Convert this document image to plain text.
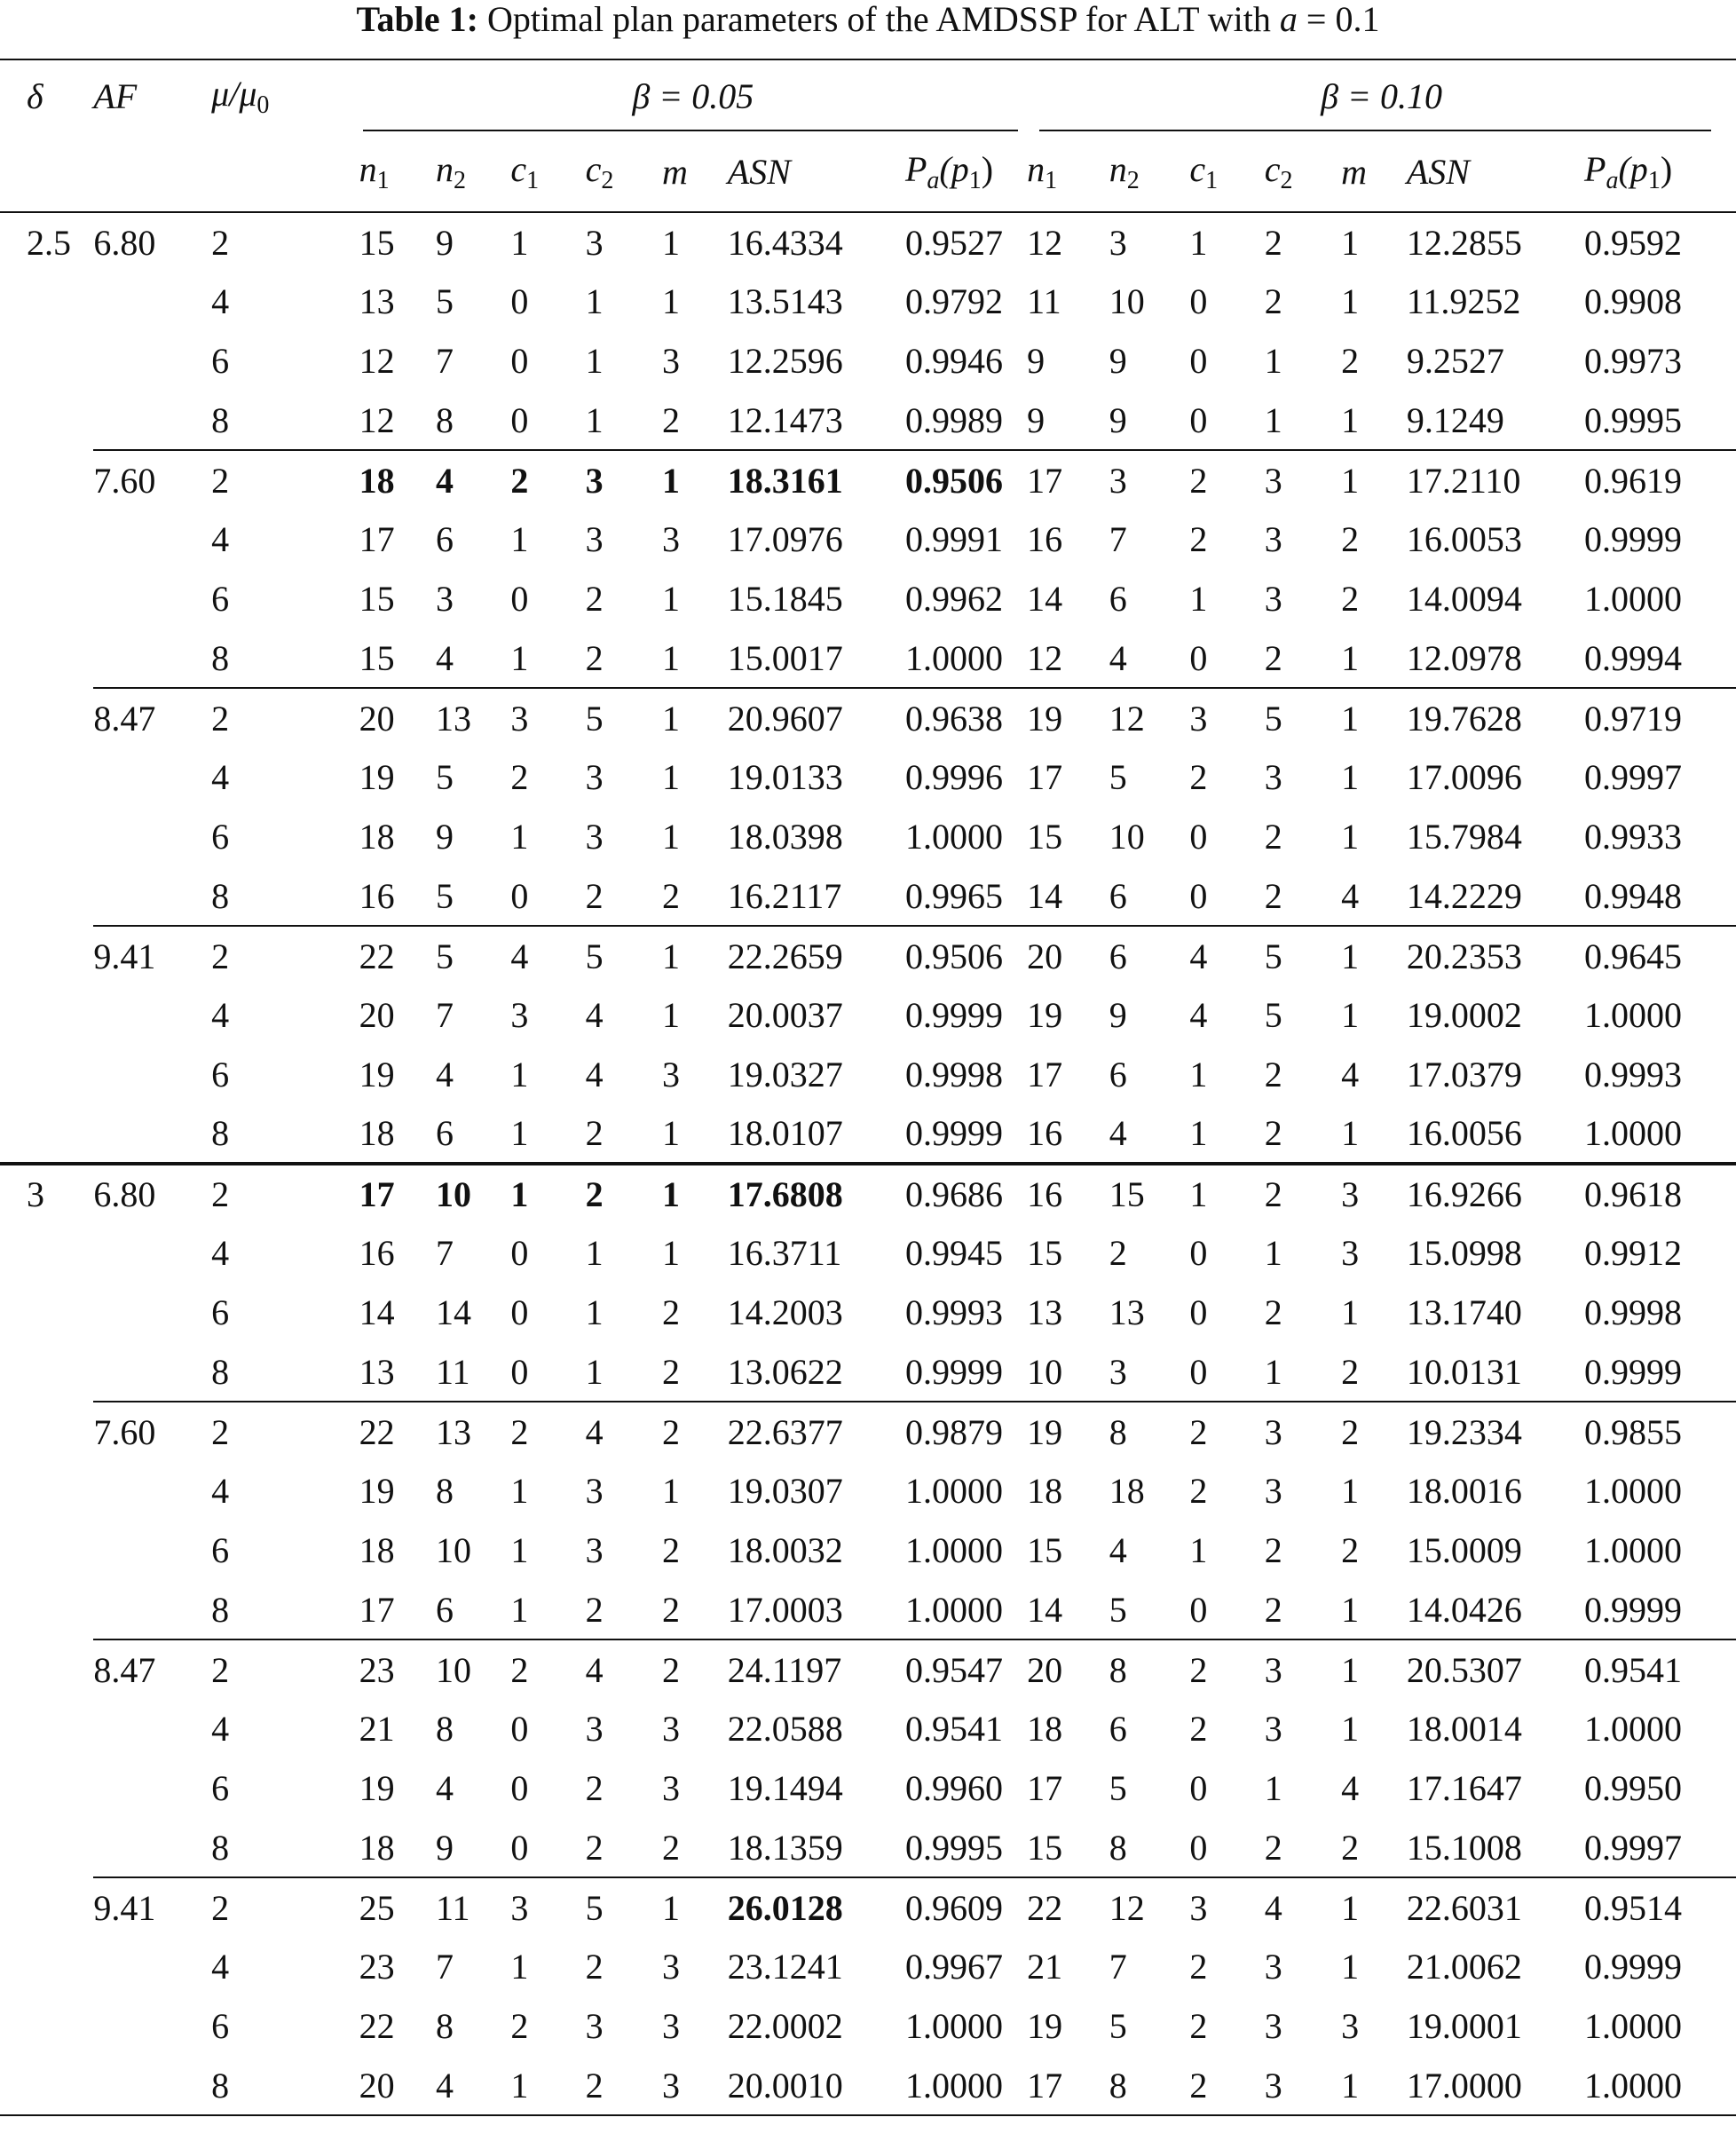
Table 1: Optimal plan parameters of the AMDSSP for ALT with a = 0.1
δ	AF	$\mu/\mu_0$	β = 0.05							β = 0.10						

			$n_1$	$n_2$	$c_1$	$c_2$	m	ASN	$P_a(p_1)$	$n_1$	$n_2$	$c_1$	$c_2$	m	ASN	$P_a(p_1)$
2.5	6.80	2	15	9	1	3	1	16.4334	0.9527	12	3	1	2	1	12.2855	0.9592
		4	13	5	0	1	1	13.5143	0.9792	11	10	0	2	1	11.9252	0.9908
		6	12	7	0	1	3	12.2596	0.9946	9	9	0	1	2	9.2527	0.9973
		8	12	8	0	1	2	12.1473	0.9989	9	9	0	1	1	9.1249	0.9995
	7.60	2	18	4	2	3	1	18.3161	0.9506	17	3	2	3	1	17.2110	0.9619
		4	17	6	1	3	3	17.0976	0.9991	16	7	2	3	2	16.0053	0.9999
		6	15	3	0	2	1	15.1845	0.9962	14	6	1	3	2	14.0094	1.0000
		8	15	4	1	2	1	15.0017	1.0000	12	4	0	2	1	12.0978	0.9994
	8.47	2	20	13	3	5	1	20.9607	0.9638	19	12	3	5	1	19.7628	0.9719
		4	19	5	2	3	1	19.0133	0.9996	17	5	2	3	1	17.0096	0.9997
		6	18	9	1	3	1	18.0398	1.0000	15	10	0	2	1	15.7984	0.9933
		8	16	5	0	2	2	16.2117	0.9965	14	6	0	2	4	14.2229	0.9948
	9.41	2	22	5	4	5	1	22.2659	0.9506	20	6	4	5	1	20.2353	0.9645
		4	20	7	3	4	1	20.0037	0.9999	19	9	4	5	1	19.0002	1.0000
		6	19	4	1	4	3	19.0327	0.9998	17	6	1	2	4	17.0379	0.9993
		8	18	6	1	2	1	18.0107	0.9999	16	4	1	2	1	16.0056	1.0000
3	6.80	2	17	10	1	2	1	17.6808	0.9686	16	15	1	2	3	16.9266	0.9618
		4	16	7	0	1	1	16.3711	0.9945	15	2	0	1	3	15.0998	0.9912
		6	14	14	0	1	2	14.2003	0.9993	13	13	0	2	1	13.1740	0.9998
		8	13	11	0	1	2	13.0622	0.9999	10	3	0	1	2	10.0131	0.9999
	7.60	2	22	13	2	4	2	22.6377	0.9879	19	8	2	3	2	19.2334	0.9855
		4	19	8	1	3	1	19.0307	1.0000	18	18	2	3	1	18.0016	1.0000
		6	18	10	1	3	2	18.0032	1.0000	15	4	1	2	2	15.0009	1.0000
		8	17	6	1	2	2	17.0003	1.0000	14	5	0	2	1	14.0426	0.9999
	8.47	2	23	10	2	4	2	24.1197	0.9547	20	8	2	3	1	20.5307	0.9541
		4	21	8	0	3	3	22.0588	0.9541	18	6	2	3	1	18.0014	1.0000
		6	19	4	0	2	3	19.1494	0.9960	17	5	0	1	4	17.1647	0.9950
		8	18	9	0	2	2	18.1359	0.9995	15	8	0	2	2	15.1008	0.9997
	9.41	2	25	11	3	5	1	26.0128	0.9609	22	12	3	4	1	22.6031	0.9514
		4	23	7	1	2	3	23.1241	0.9967	21	7	2	3	1	21.0062	0.9999
		6	22	8	2	3	3	22.0002	1.0000	19	5	2	3	3	19.0001	1.0000
		8	20	4	1	2	3	20.0010	1.0000	17	8	2	3	1	17.0000	1.0000
